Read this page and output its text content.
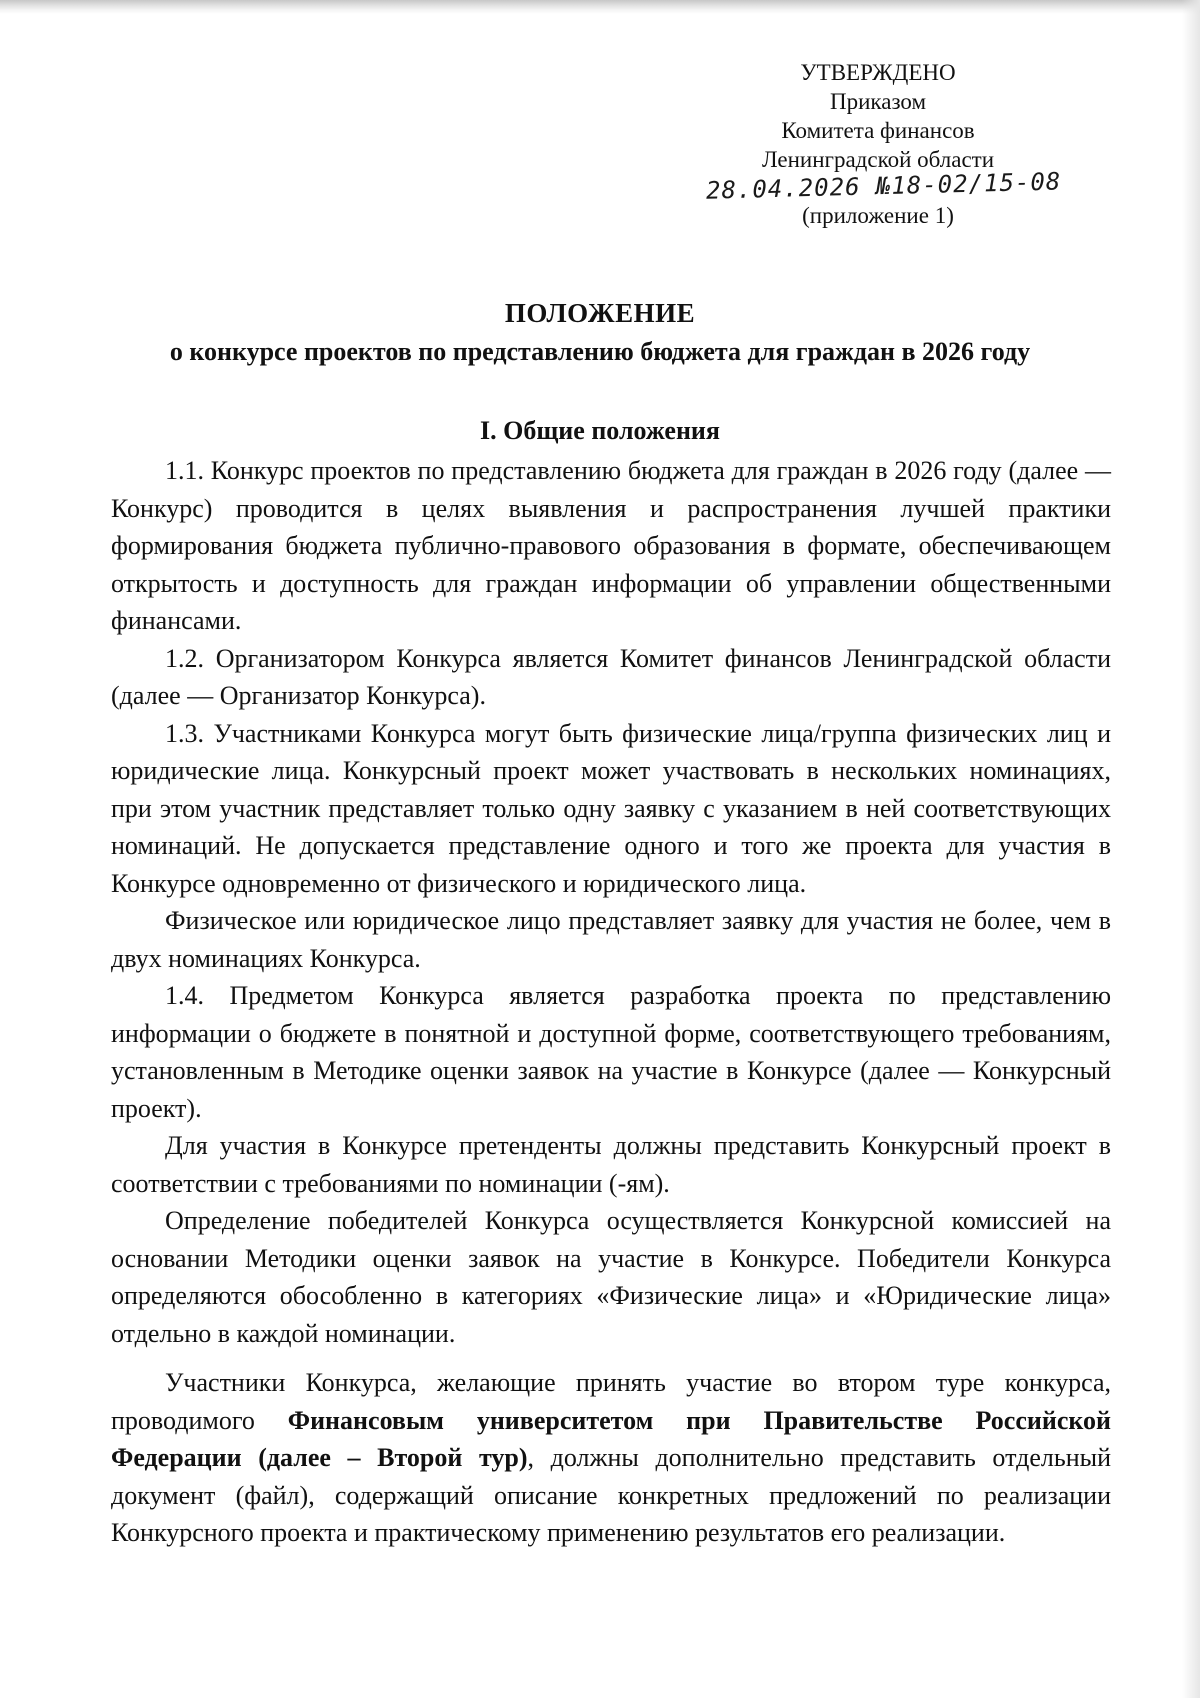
УТВЕРЖДЕНО
Приказом
Комитета финансов
Ленинградской области
28.04.2026 №18-02/15-08
(приложение 1)
ПОЛОЖЕНИЕ
о конкурсе проектов по представлению бюджета для граждан в 2026 году
I. Общие положения

1.1. Конкурс проектов по представлению бюджета для граждан в 2026 году (далее — Конкурс) проводится в целях выявления и распространения лучшей практики формирования бюджета публично-правового образования в формате, обеспечивающем открытость и доступность для граждан информации об управлении общественными финансами.

1.2. Организатором Конкурса является Комитет финансов Ленинградской области (далее — Организатор Конкурса).

1.3. Участниками Конкурса могут быть физические лица/группа физических лиц и юридические лица. Конкурсный проект может участвовать в нескольких номинациях, при этом участник представляет только одну заявку с указанием в ней соответствующих номинаций. Не допускается представление одного и того же проекта для участия в Конкурсе одновременно от физического и юридического лица.

Физическое или юридическое лицо представляет заявку для участия не более, чем в двух номинациях Конкурса.

1.4. Предметом Конкурса является разработка проекта по представлению информации о бюджете в понятной и доступной форме, соответствующего требованиям, установленным в Методике оценки заявок на участие в Конкурсе (далее — Конкурсный проект).

Для участия в Конкурсе претенденты должны представить Конкурсный проект в соответствии с требованиями по номинации (-ям).

Определение победителей Конкурса осуществляется Конкурсной комиссией на основании Методики оценки заявок на участие в Конкурсе. Победители Конкурса определяются обособленно в категориях «Физические лица» и «Юридические лица» отдельно в каждой номинации.

Участники Конкурса, желающие принять участие во втором туре конкурса, проводимого Финансовым университетом при Правительстве Российской Федерации (далее – Второй тур), должны дополнительно представить отдельный документ (файл), содержащий описание конкретных предложений по реализации Конкурсного проекта и практическому применению результатов его реализации.
